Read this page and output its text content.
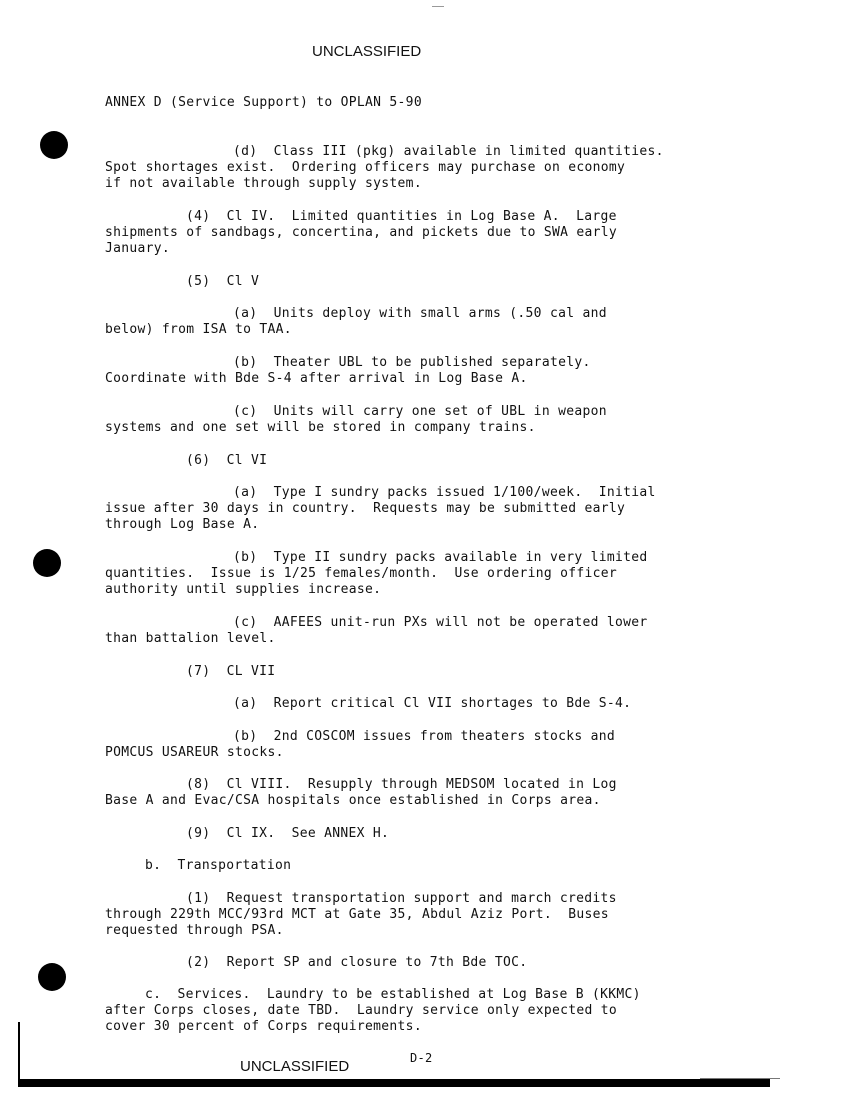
UNCLASSIFIED
ANNEX D (Service Support) to OPLAN 5-90
(d)  Class III (pkg) available in limited quantities.
Spot shortages exist.  Ordering officers may purchase on economy
if not available through supply system.
(4)  Cl IV.  Limited quantities in Log Base A.  Large
shipments of sandbags, concertina, and pickets due to SWA early
January.
(5)  Cl V
(a)  Units deploy with small arms (.50 cal and
below) from ISA to TAA.
(b)  Theater UBL to be published separately.
Coordinate with Bde S-4 after arrival in Log Base A.
(c)  Units will carry one set of UBL in weapon
systems and one set will be stored in company trains.
(6)  Cl VI
(a)  Type I sundry packs issued 1/100/week.  Initial
issue after 30 days in country.  Requests may be submitted early
through Log Base A.
(b)  Type II sundry packs available in very limited
quantities.  Issue is 1/25 females/month.  Use ordering officer
authority until supplies increase.
(c)  AAFEES unit-run PXs will not be operated lower
than battalion level.
(7)  CL VII
(a)  Report critical Cl VII shortages to Bde S-4.
(b)  2nd COSCOM issues from theaters stocks and
POMCUS USAREUR stocks.
(8)  Cl VIII.  Resupply through MEDSOM located in Log
Base A and Evac/CSA hospitals once established in Corps area.
(9)  Cl IX.  See ANNEX H.
b.  Transportation
(1)  Request transportation support and march credits
through 229th MCC/93rd MCT at Gate 35, Abdul Aziz Port.  Buses
requested through PSA.
(2)  Report SP and closure to 7th Bde TOC.
c.  Services.  Laundry to be established at Log Base B (KKMC)
after Corps closes, date TBD.  Laundry service only expected to
cover 30 percent of Corps requirements.
UNCLASSIFIED	D-2
